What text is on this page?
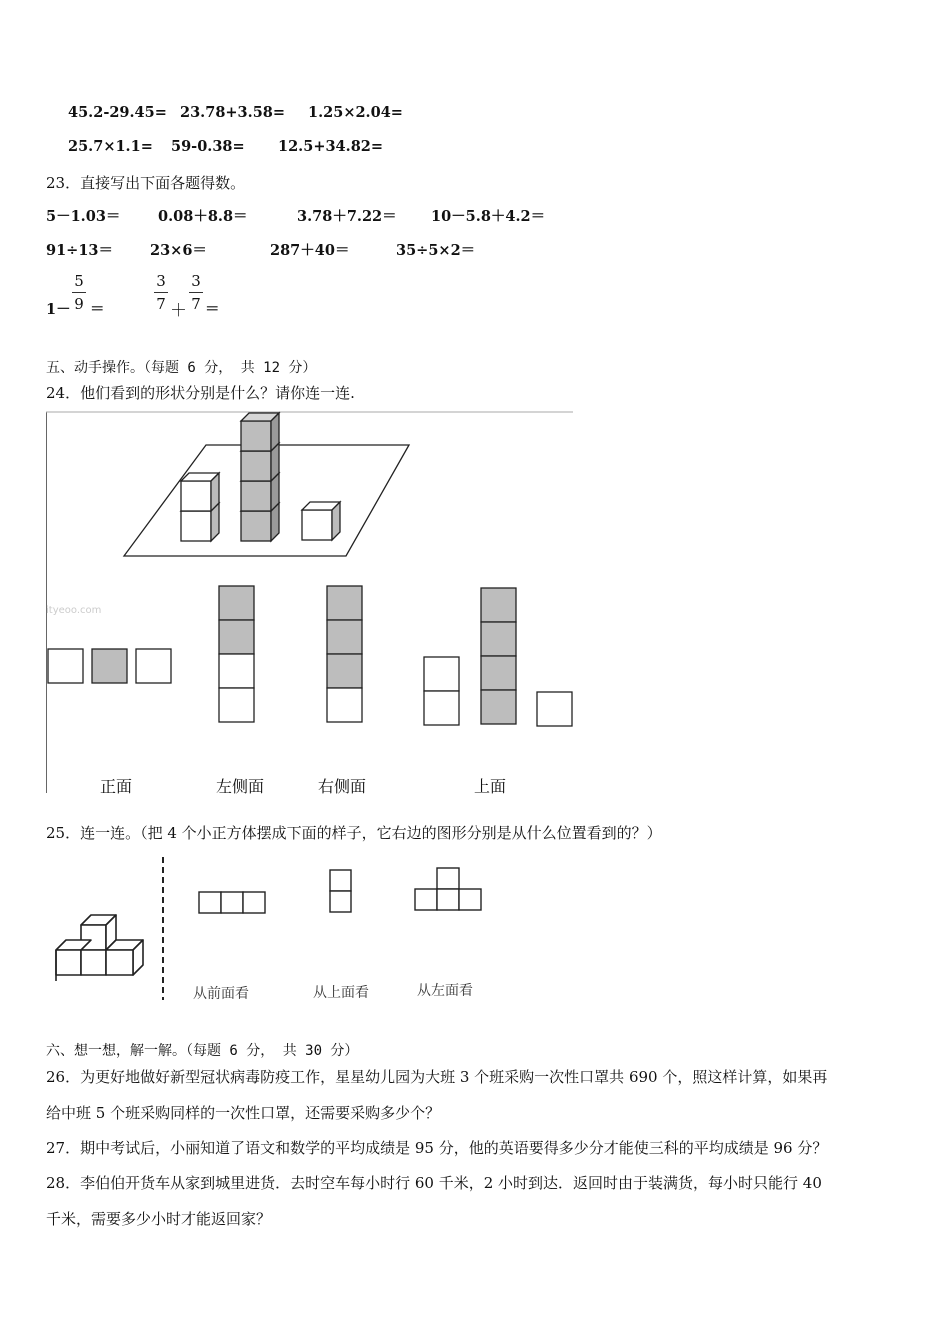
45.2-29.45= 23.78+3.58= 1.25×2.04=
25.7×1.1= 59-0.38= 12.5+34.82=
23．直接写出下面各题得数。
5－1.03＝	0.08＋8.8＝	3.78＋7.22＝ 10－5.8＋4.2＝
91÷13＝	23×6＝	287＋40＝	35÷5×2＝
1－
5
9 ＝
3
7 ＋
3
7 ＝
五、动手操作。（每题 6 分， 共 12 分）
24．他们看到的形状分别是什么？请你连一连.
ityeoo.com
正面	左侧面	右侧面	上面
25．连一连。（把 4 个小正方体摆成下面的样子，它右边的图形分别是从什么位置看到的？）
从前面看	从上面看	从左面看
六、想一想，解一解。（每题 6 分， 共 30 分）
26．为更好地做好新型冠状病毒防疫工作，星星幼儿园为大班 3 个班采购一次性口罩共 690 个，照这样计算，如果再
给中班 5 个班采购同样的一次性口罩，还需要采购多少个？
27．期中考试后，小丽知道了语文和数学的平均成绩是 95 分，他的英语要得多少分才能使三科的平均成绩是 96 分？
28．李伯伯开货车从家到城里进货．去时空车每小时行 60 千米，2 小时到达．返回时由于装满货，每小时只能行 40
千米，需要多少小时才能返回家？
